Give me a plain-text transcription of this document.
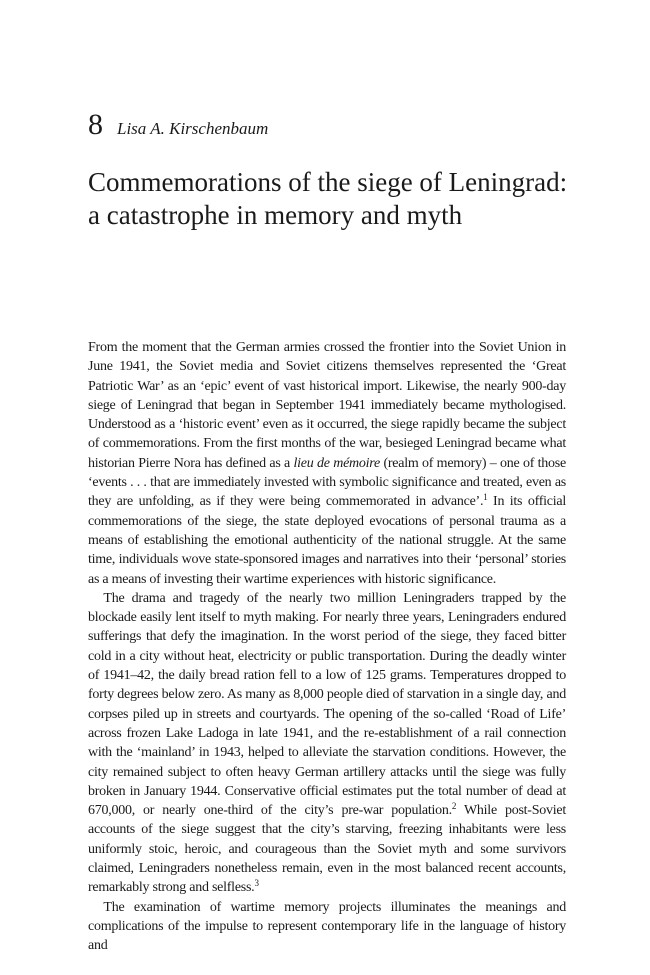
8 Lisa A. Kirschenbaum
Commemorations of the siege of Leningrad:
a catastrophe in memory and myth

From the moment that the German armies crossed the frontier into the Soviet Union in June 1941, the Soviet media and Soviet citizens themselves represented the ‘Great Patriotic War’ as an ‘epic’ event of vast historical import. Likewise, the nearly 900-day siege of Leningrad that began in September 1941 immediately became mythologised. Understood as a ‘historic event’ even as it occurred, the siege rapidly became the subject of commemorations. From the first months of the war, besieged Leningrad became what historian Pierre Nora has defined as a lieu de mémoire (realm of memory) – one of those ‘events . . . that are immediately invested with symbolic significance and treated, even as they are unfolding, as if they were being commemorated in advance’.$^1$ In its official commemorations of the siege, the state deployed evocations of personal trauma as a means of establishing the emotional authenticity of the national struggle. At the same time, individuals wove state-sponsored images and narratives into their ‘personal’ stories as a means of investing their wartime experiences with historic significance.

The drama and tragedy of the nearly two million Leningraders trapped by the blockade easily lent itself to myth making. For nearly three years, Leningraders endured sufferings that defy the imagination. In the worst period of the siege, they faced bitter cold in a city without heat, electricity or public transportation. During the deadly winter of 1941–42, the daily bread ration fell to a low of 125 grams. Temperatures dropped to forty degrees below zero. As many as 8,000 people died of starvation in a single day, and corpses piled up in streets and courtyards. The opening of the so-called ‘Road of Life’ across frozen Lake Ladoga in late 1941, and the re-establishment of a rail connection with the ‘mainland’ in 1943, helped to alleviate the starvation conditions. However, the city remained subject to often heavy German artillery attacks until the siege was fully broken in January 1944. Conservative official estimates put the total number of dead at 670,000, or nearly one-third of the city’s pre-war population.$^2$ While post-Soviet accounts of the siege suggest that the city’s starving, freezing inhabitants were less uniformly stoic, heroic, and courageous than the Soviet myth and some survivors claimed, Leningraders nonetheless remain, even in the most balanced recent accounts, remarkably strong and selfless.$^3$

The examination of wartime memory projects illuminates the meanings and complications of the impulse to represent contemporary life in the language of history and
